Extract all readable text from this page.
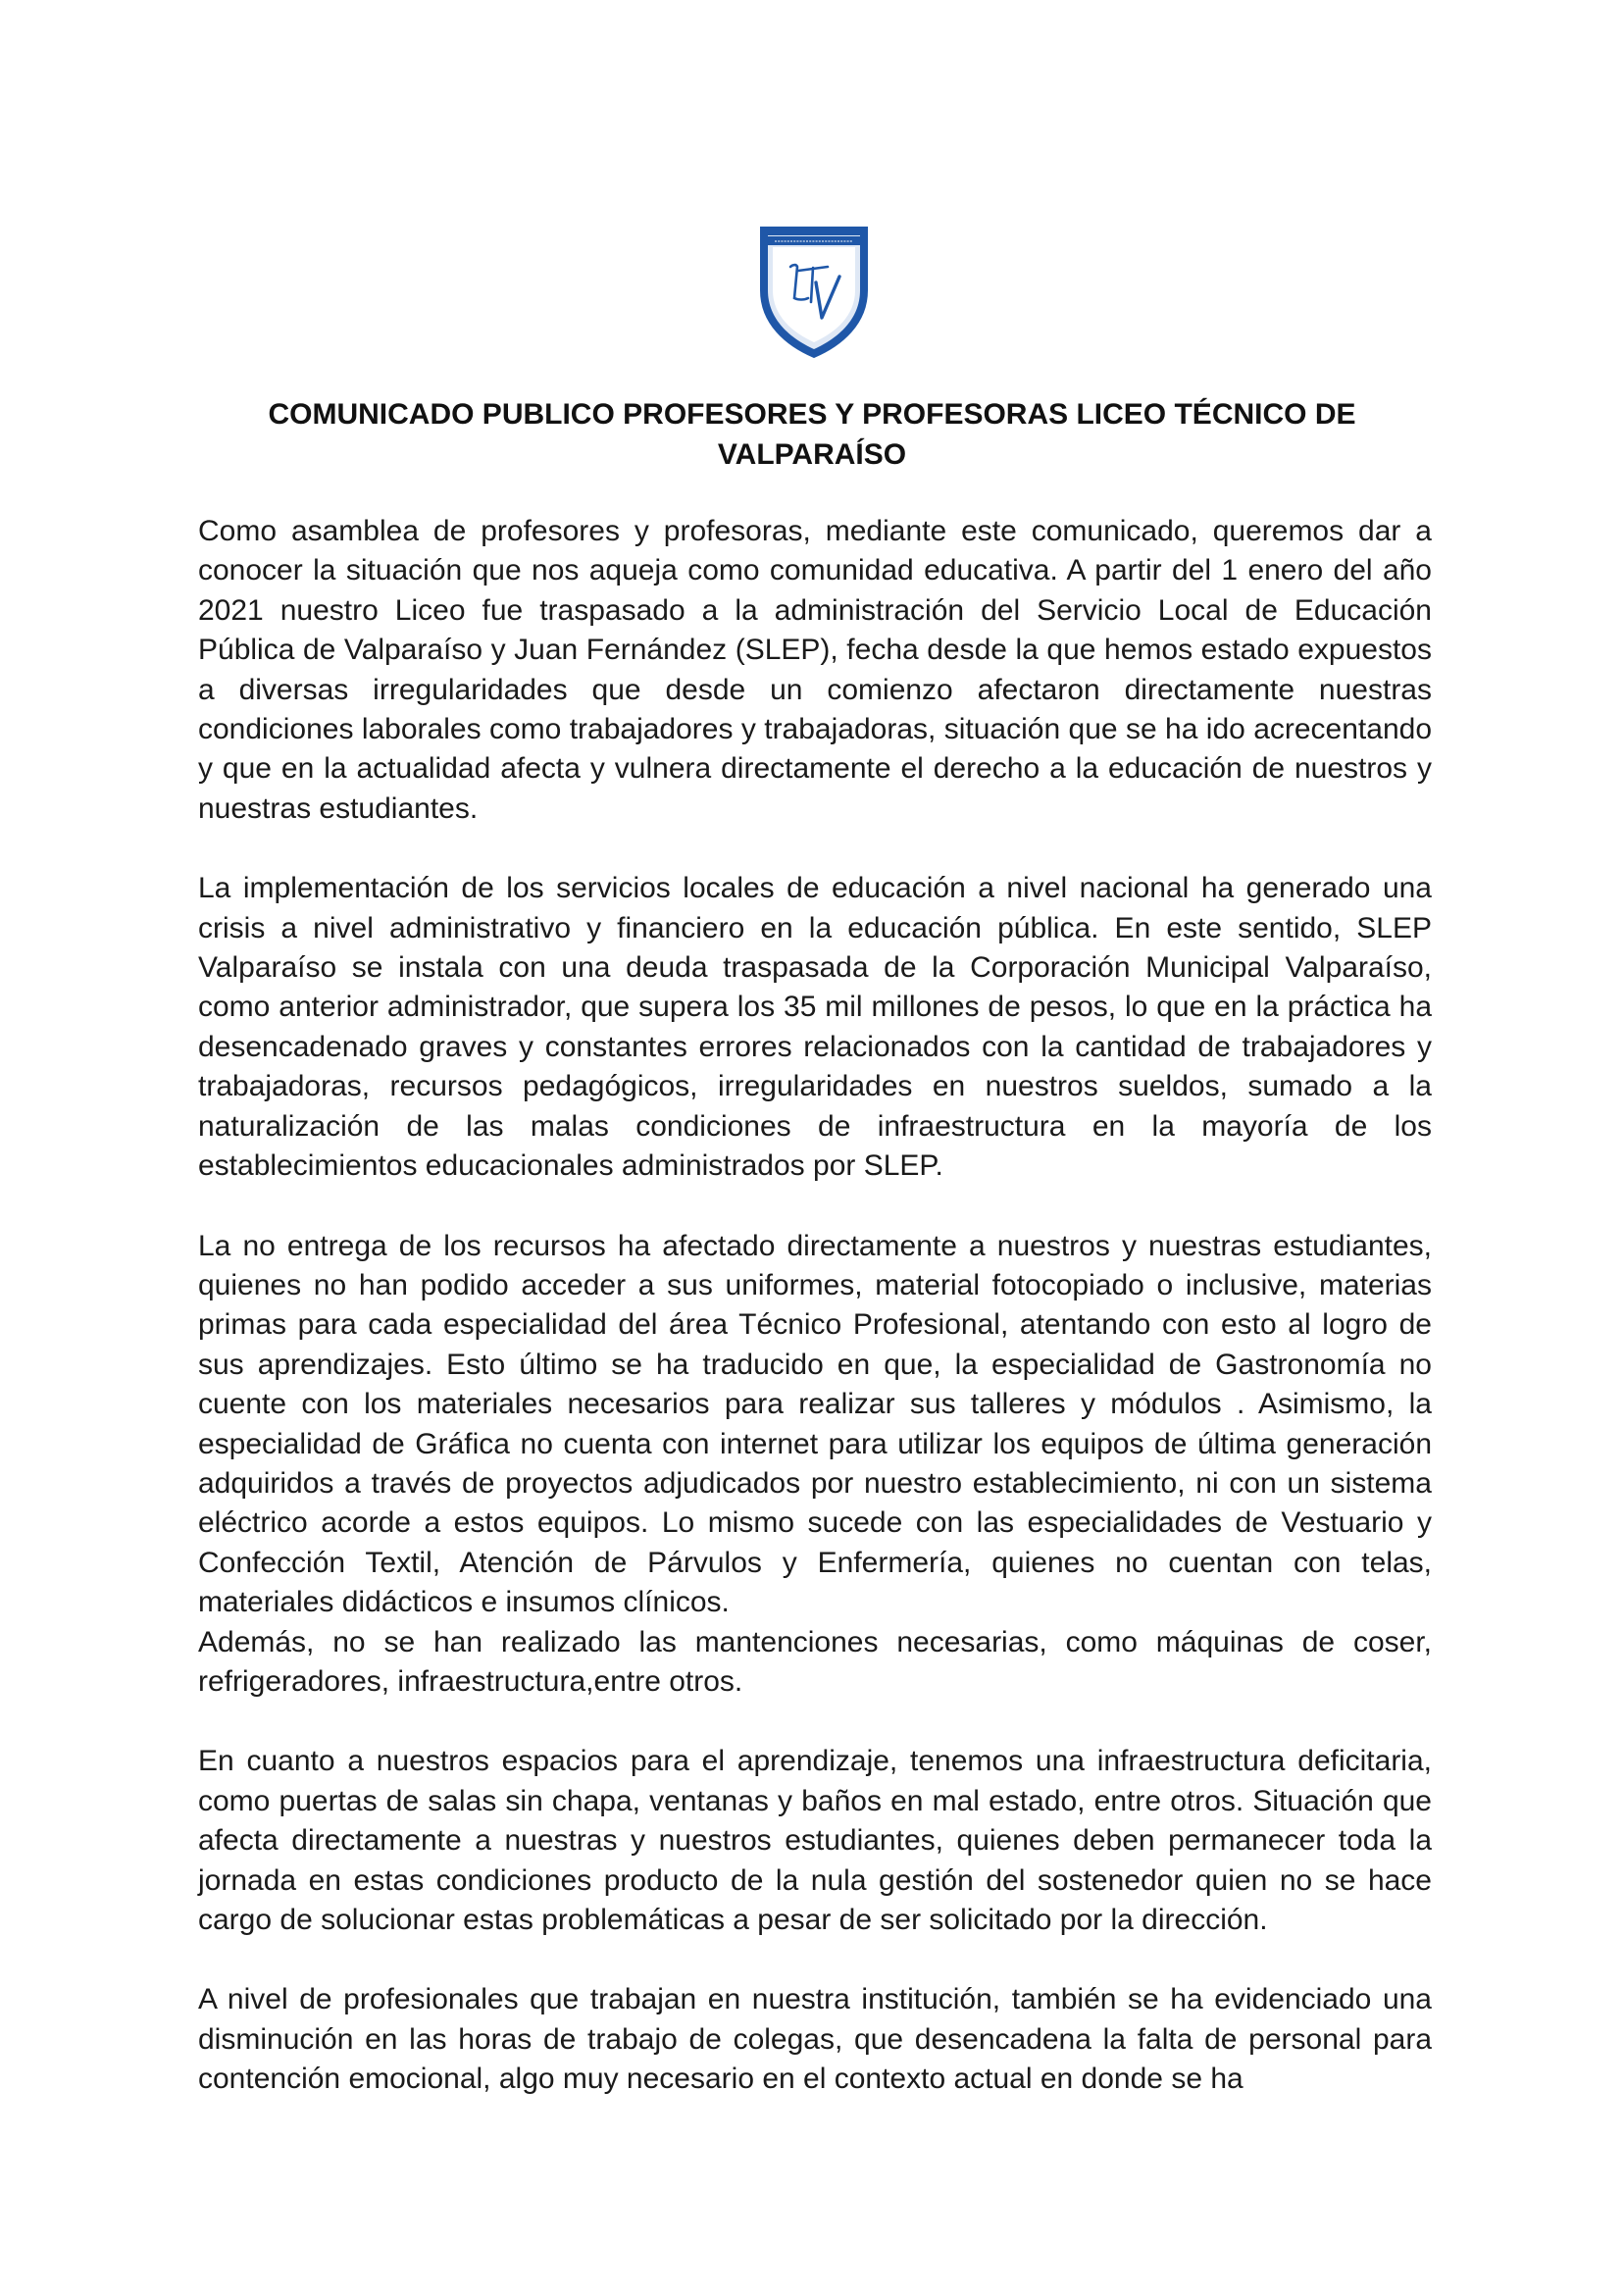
COMUNICADO PUBLICO PROFESORES Y PROFESORAS LICEO TÉCNICO DE VALPARAÍSO

Como asamblea de profesores y profesoras, mediante este comunicado, queremos dar a conocer la situación que nos aqueja como comunidad educativa. A partir del 1 enero del año 2021 nuestro Liceo fue traspasado a la administración del Servicio Local de Educación Pública de Valparaíso y Juan Fernández (SLEP), fecha desde la que hemos estado expuestos a diversas irregularidades que desde un comienzo afectaron directamente nuestras condiciones laborales como trabajadores y trabajadoras, situación que se ha ido acrecentando y que en la actualidad afecta y vulnera directamente el derecho a la educación de nuestros y nuestras estudiantes.

La implementación de los servicios locales de educación a nivel nacional ha generado una crisis a nivel administrativo y financiero en la educación pública. En este sentido, SLEP Valparaíso se instala con una deuda traspasada de la Corporación Municipal Valparaíso, como anterior administrador, que supera los 35 mil millones de pesos, lo que en la práctica ha desencadenado graves y constantes errores relacionados con la cantidad de trabajadores y trabajadoras, recursos pedagógicos, irregularidades en nuestros sueldos, sumado a la naturalización de las malas condiciones de infraestructura en la mayoría de los establecimientos educacionales administrados por SLEP.

La no entrega de los recursos ha afectado directamente a nuestros y nuestras estudiantes, quienes no han podido acceder a sus uniformes, material fotocopiado o inclusive, materias primas para cada especialidad del área Técnico Profesional, atentando con esto al logro de sus aprendizajes. Esto último se ha traducido en que, la especialidad de Gastronomía no cuente con los materiales necesarios para realizar sus talleres y módulos . Asimismo, la especialidad de Gráfica no cuenta con internet para utilizar los equipos de última generación adquiridos a través de proyectos adjudicados por nuestro establecimiento, ni con un sistema eléctrico acorde a estos equipos. Lo mismo sucede con las especialidades de Vestuario y Confección Textil, Atención de Párvulos y Enfermería, quienes no cuentan con telas, materiales didácticos e insumos clínicos.

Además, no se han realizado las mantenciones necesarias, como máquinas de coser, refrigeradores, infraestructura,entre otros.

En cuanto a nuestros espacios para el aprendizaje, tenemos una infraestructura deficitaria, como puertas de salas sin chapa, ventanas y baños en mal estado, entre otros. Situación que afecta directamente a nuestras y nuestros estudiantes, quienes deben permanecer toda la jornada en estas condiciones producto de la nula gestión del sostenedor quien no se hace cargo de solucionar estas problemáticas a pesar de ser solicitado por la dirección.

A nivel de profesionales que trabajan en nuestra institución, también se ha evidenciado una disminución en las horas de trabajo de colegas, que desencadena la falta de personal para contención emocional, algo muy necesario en el contexto actual en donde se ha
